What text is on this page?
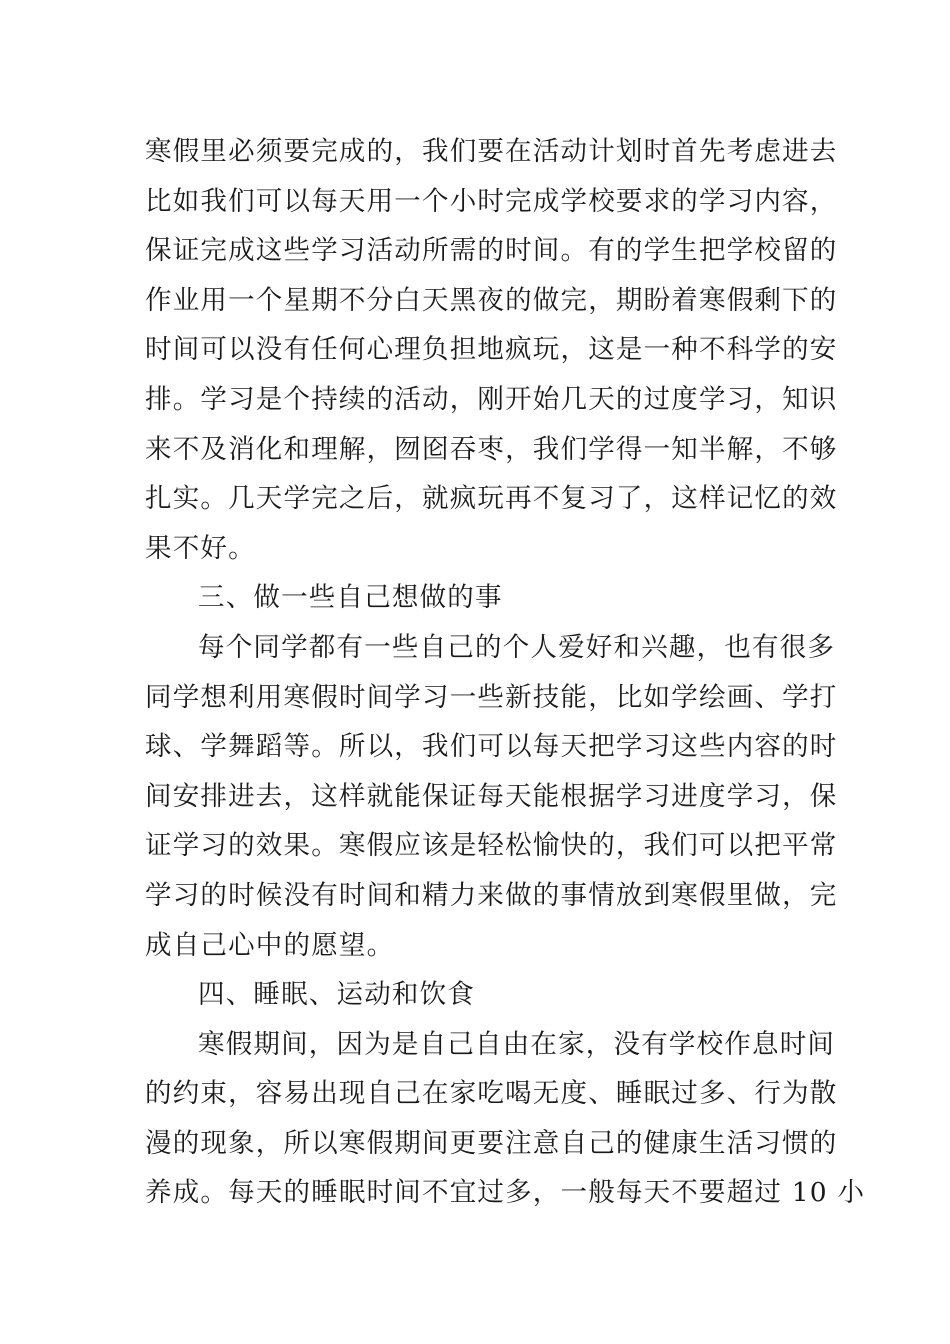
寒假里必须要完成的，我们要在活动计划时首先考虑进去
比如我们可以每天用一个小时完成学校要求的学习内容，
保证完成这些学习活动所需的时间。有的学生把学校留的
作业用一个星期不分白天黑夜的做完，期盼着寒假剩下的
时间可以没有任何心理负担地疯玩，这是一种不科学的安
排。学习是个持续的活动，刚开始几天的过度学习，知识
来不及消化和理解，囫囵吞枣，我们学得一知半解，不够
扎实。几天学完之后，就疯玩再不复习了，这样记忆的效
果不好。
三、做一些自己想做的事
每个同学都有一些自己的个人爱好和兴趣，也有很多
同学想利用寒假时间学习一些新技能，比如学绘画、学打
球、学舞蹈等。所以，我们可以每天把学习这些内容的时
间安排进去，这样就能保证每天能根据学习进度学习，保
证学习的效果。寒假应该是轻松愉快的，我们可以把平常
学习的时候没有时间和精力来做的事情放到寒假里做，完
成自己心中的愿望。
四、睡眠、运动和饮食
寒假期间，因为是自己自由在家，没有学校作息时间
的约束，容易出现自己在家吃喝无度、睡眠过多、行为散
漫的现象，所以寒假期间更要注意自己的健康生活习惯的
养成。每天的睡眠时间不宜过多，一般每天不要超过 10 小
